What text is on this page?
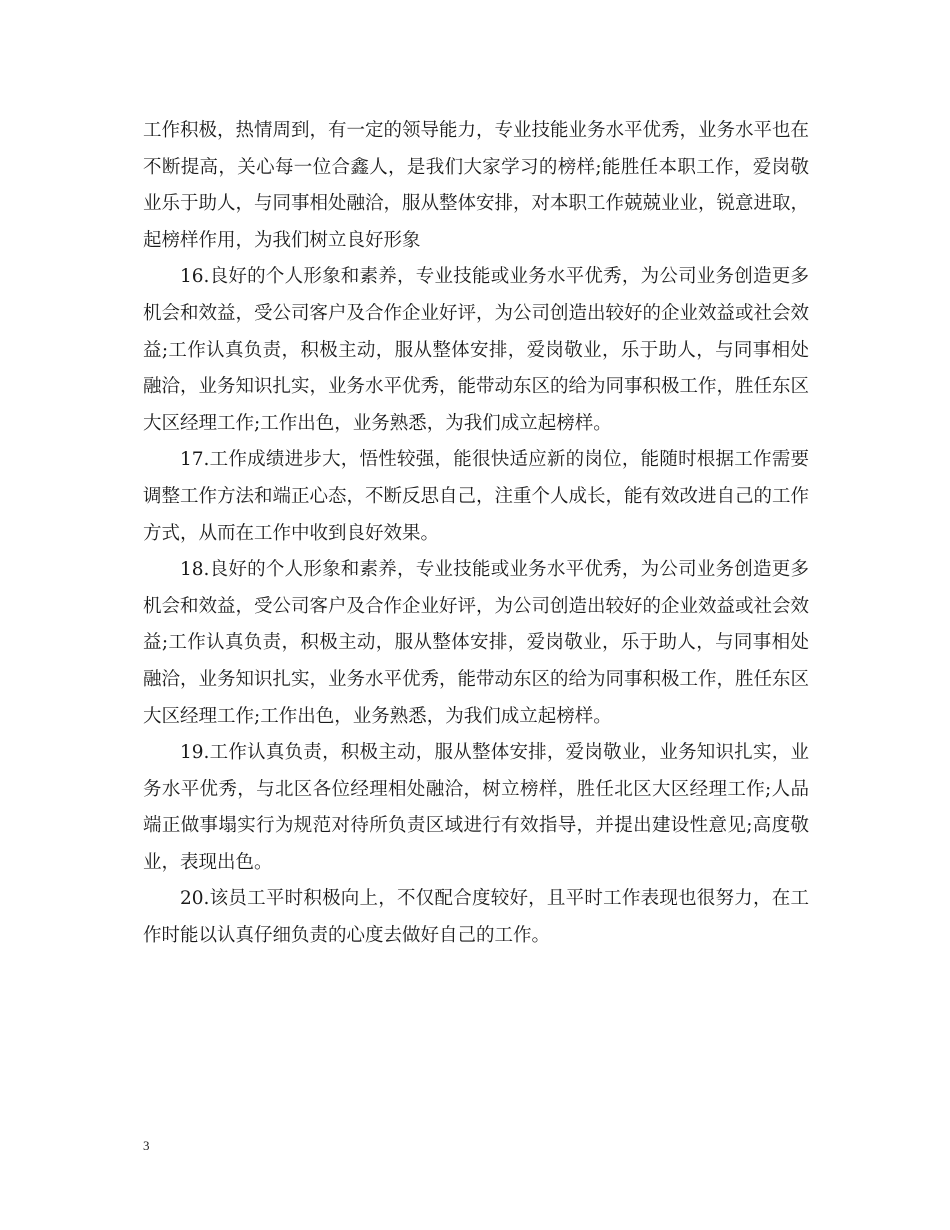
工作积极，热情周到，有一定的领导能力，专业技能业务水平优秀，业务水平也在不断提高，关心每一位合鑫人，是我们大家学习的榜样;能胜任本职工作，爱岗敬业乐于助人，与同事相处融洽，服从整体安排，对本职工作兢兢业业，锐意进取，起榜样作用，为我们树立良好形象

16.良好的个人形象和素养，专业技能或业务水平优秀，为公司业务创造更多机会和效益，受公司客户及合作企业好评，为公司创造出较好的企业效益或社会效益;工作认真负责，积极主动，服从整体安排，爱岗敬业，乐于助人，与同事相处融洽，业务知识扎实，业务水平优秀，能带动东区的给为同事积极工作，胜任东区大区经理工作;工作出色，业务熟悉，为我们成立起榜样。

17.工作成绩进步大，悟性较强，能很快适应新的岗位，能随时根据工作需要调整工作方法和端正心态，不断反思自己，注重个人成长，能有效改进自己的工作方式，从而在工作中收到良好效果。

18.良好的个人形象和素养，专业技能或业务水平优秀，为公司业务创造更多机会和效益，受公司客户及合作企业好评，为公司创造出较好的企业效益或社会效益;工作认真负责，积极主动，服从整体安排，爱岗敬业，乐于助人，与同事相处融洽，业务知识扎实，业务水平优秀，能带动东区的给为同事积极工作，胜任东区大区经理工作;工作出色，业务熟悉，为我们成立起榜样。

19.工作认真负责，积极主动，服从整体安排，爱岗敬业，业务知识扎实，业务水平优秀，与北区各位经理相处融洽，树立榜样，胜任北区大区经理工作;人品端正做事塌实行为规范对待所负责区域进行有效指导，并提出建设性意见;高度敬业，表现出色。

20.该员工平时积极向上，不仅配合度较好，且平时工作表现也很努力，在工作时能以认真仔细负责的心度去做好自己的工作。

3
